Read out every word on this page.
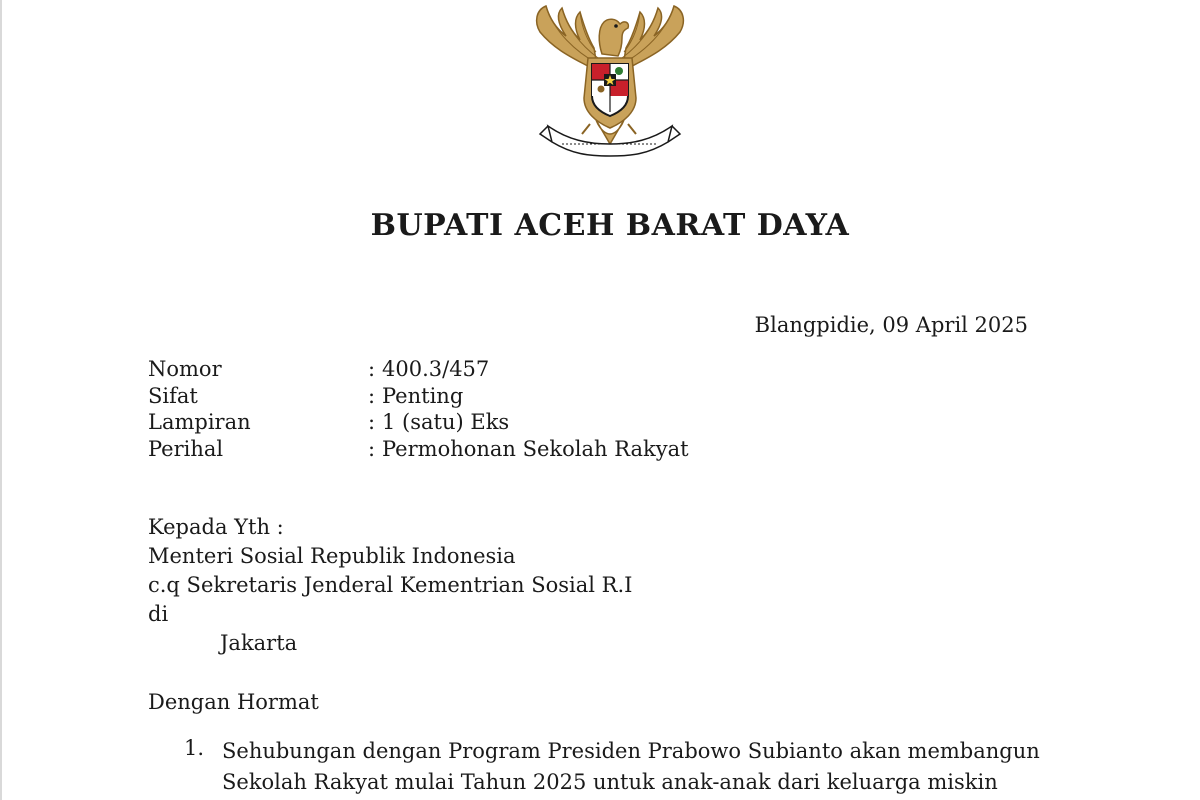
BUPATI ACEH BARAT DAYA
Blangpidie, 09 April 2025
Nomor	: 400.3/457
Sifat	: Penting
Lampiran	: 1 (satu) Eks
Perihal	: Permohonan Sekolah Rakyat
Kepada Yth :
Menteri Sosial Republik Indonesia
c.q Sekretaris Jenderal Kementrian Sosial R.I
di
Jakarta
Dengan Hormat
1. Sehubungan dengan Program Presiden Prabowo Subianto akan membangun
Sekolah Rakyat mulai Tahun 2025 untuk anak-anak dari keluarga miskin
